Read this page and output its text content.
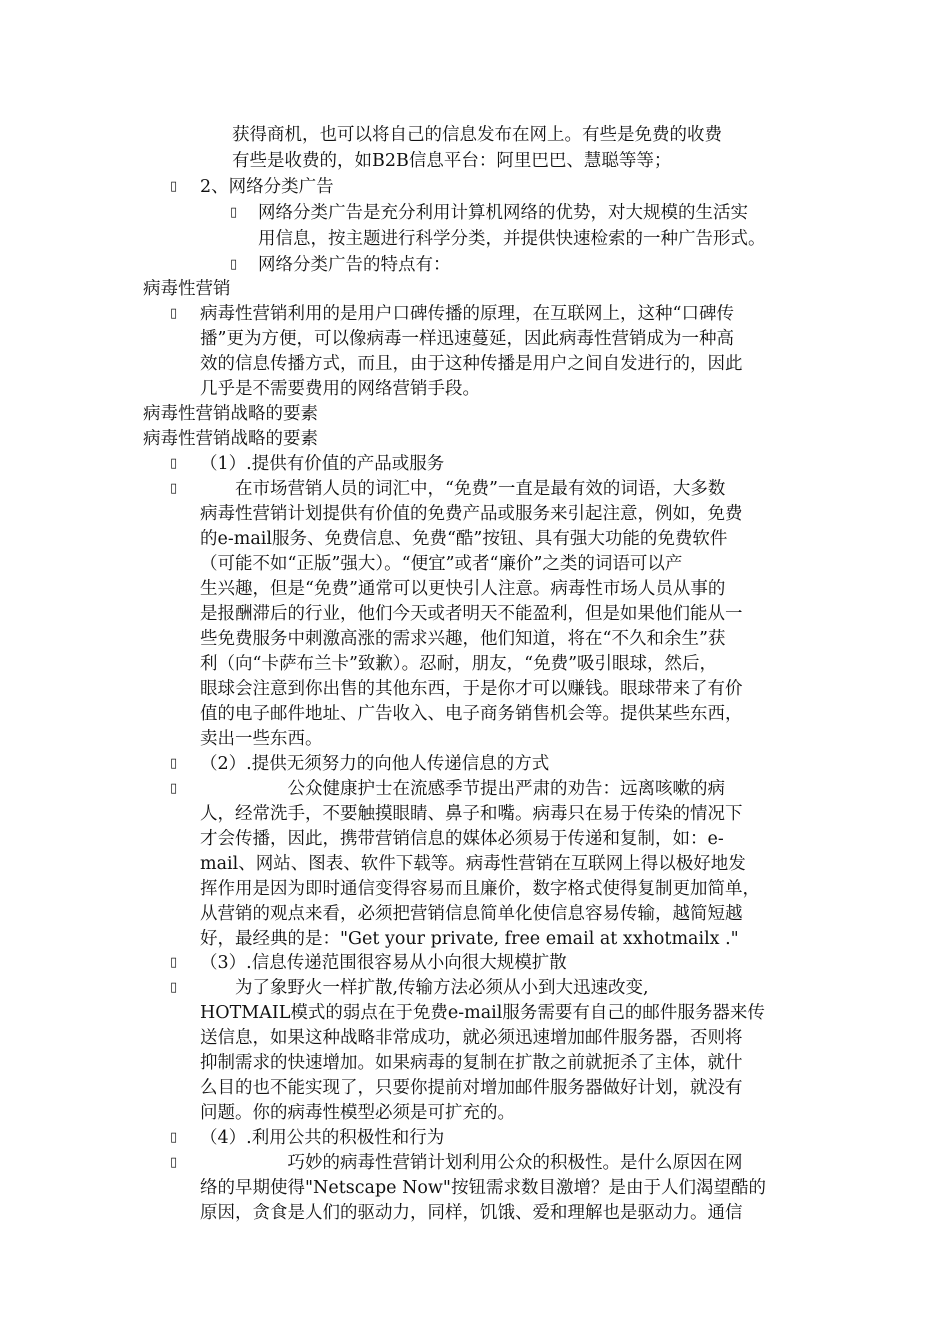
获得商机，也可以将自己的信息发布在网上。有些是免费的收费
有些是收费的，如B2B信息平台：阿里巴巴、慧聪等等；
▯ 2、网络分类广告
▯ 网络分类广告是充分利用计算机网络的优势，对大规模的生活实
用信息，按主题进行科学分类，并提供快速检索的一种广告形式。
▯ 网络分类广告的特点有：
病毒性营销
▯ 病毒性营销利用的是用户口碑传播的原理，在互联网上，这种“口碑传
播”更为方便，可以像病毒一样迅速蔓延，因此病毒性营销成为一种高
效的信息传播方式，而且，由于这种传播是用户之间自发进行的，因此
几乎是不需要费用的网络营销手段。
病毒性营销战略的要素
病毒性营销战略的要素
▯ （1）.提供有价值的产品或服务
▯ 　　在市场营销人员的词汇中，“免费”一直是最有效的词语，大多数
病毒性营销计划提供有价值的免费产品或服务来引起注意，例如，免费
的e-mail服务、免费信息、免费“酷”按钮、具有强大功能的免费软件
（可能不如“正版”强大）。“便宜”或者“廉价”之类的词语可以产
生兴趣，但是“免费”通常可以更快引人注意。病毒性市场人员从事的
是报酬滞后的行业，他们今天或者明天不能盈利，但是如果他们能从一
些免费服务中刺激高涨的需求兴趣，他们知道，将在“不久和余生”获
利（向“卡萨布兰卡”致歉）。忍耐，朋友，“免费”吸引眼球，然后，
眼球会注意到你出售的其他东西，于是你才可以赚钱。眼球带来了有价
值的电子邮件地址、广告收入、电子商务销售机会等。提供某些东西，
卖出一些东西。
▯ （2）.提供无须努力的向他人传递信息的方式
▯ 　　　　　公众健康护士在流感季节提出严肃的劝告：远离咳嗽的病
人，经常洗手，不要触摸眼睛、鼻子和嘴。病毒只在易于传染的情况下
才会传播，因此，携带营销信息的媒体必须易于传递和复制，如：e-
mail、网站、图表、软件下载等。病毒性营销在互联网上得以极好地发
挥作用是因为即时通信变得容易而且廉价，数字格式使得复制更加简单，
从营销的观点来看，必须把营销信息简单化使信息容易传输，越简短越
好，最经典的是："Get your private, free email at xxhotmailx ."
▯ （3）.信息传递范围很容易从小向很大规模扩散
▯ 　　为了象野火一样扩散,传输方法必须从小到大迅速改变,
HOTMAIL模式的弱点在于免费e-mail服务需要有自己的邮件服务器来传
送信息，如果这种战略非常成功，就必须迅速增加邮件服务器，否则将
抑制需求的快速增加。如果病毒的复制在扩散之前就扼杀了主体，就什
么目的也不能实现了，只要你提前对增加邮件服务器做好计划，就没有
问题。你的病毒性模型必须是可扩充的。
▯ （4）.利用公共的积极性和行为
▯ 　　　　　巧妙的病毒性营销计划利用公众的积极性。是什么原因在网
络的早期使得"Netscape Now"按钮需求数目激增？是由于人们渴望酷的
原因，贪食是人们的驱动力，同样，饥饿、爱和理解也是驱动力。通信
